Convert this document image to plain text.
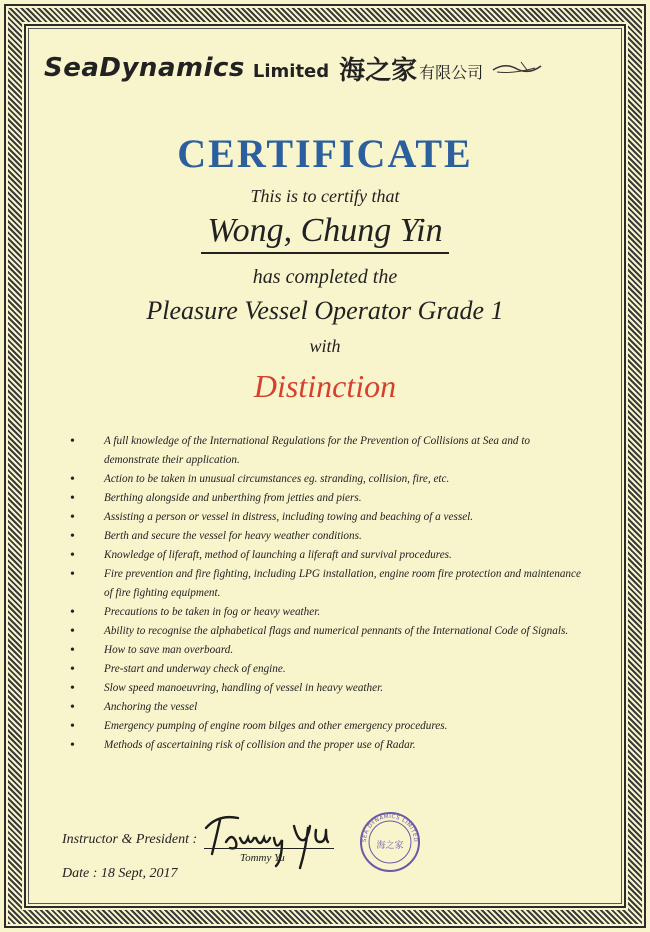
SeaDynamics Limited 海之家 有限公司
CERTIFICATE
This is to certify that
Wong, Chung Yin
has completed the
Pleasure Vessel Operator Grade 1
with
Distinction
•	A full knowledge of the International Regulations for the Prevention of Collisions at Sea and to demonstrate their application.
•	Action to be taken in unusual circumstances eg. stranding, collision, fire, etc.
•	Berthing alongside and unberthing from jetties and piers.
•	Assisting a person or vessel in distress, including towing and beaching of a vessel.
•	Berth and secure the vessel for heavy weather conditions.
•	Knowledge of liferaft, method of launching a liferaft and survival procedures.
•	Fire prevention and fire fighting, including LPG installation, engine room fire protection and maintenance of fire fighting equipment.
•	Precautions to be taken in fog or heavy weather.
•	Ability to recognise the alphabetical flags and numerical pennants of the International Code of Signals.
•	How to save man overboard.
•	Pre-start and underway check of engine.
•	Slow speed manoeuvring, handling of vessel in heavy weather.
•	Anchoring the vessel
•	Emergency pumping of engine room bilges and other emergency procedures.
•	Methods of ascertaining risk of collision and the proper use of Radar.
Instructor & President :
Tommy Yu
Date : 18 Sept, 2017
SEA DYNAMICS LIMITED
海之家
